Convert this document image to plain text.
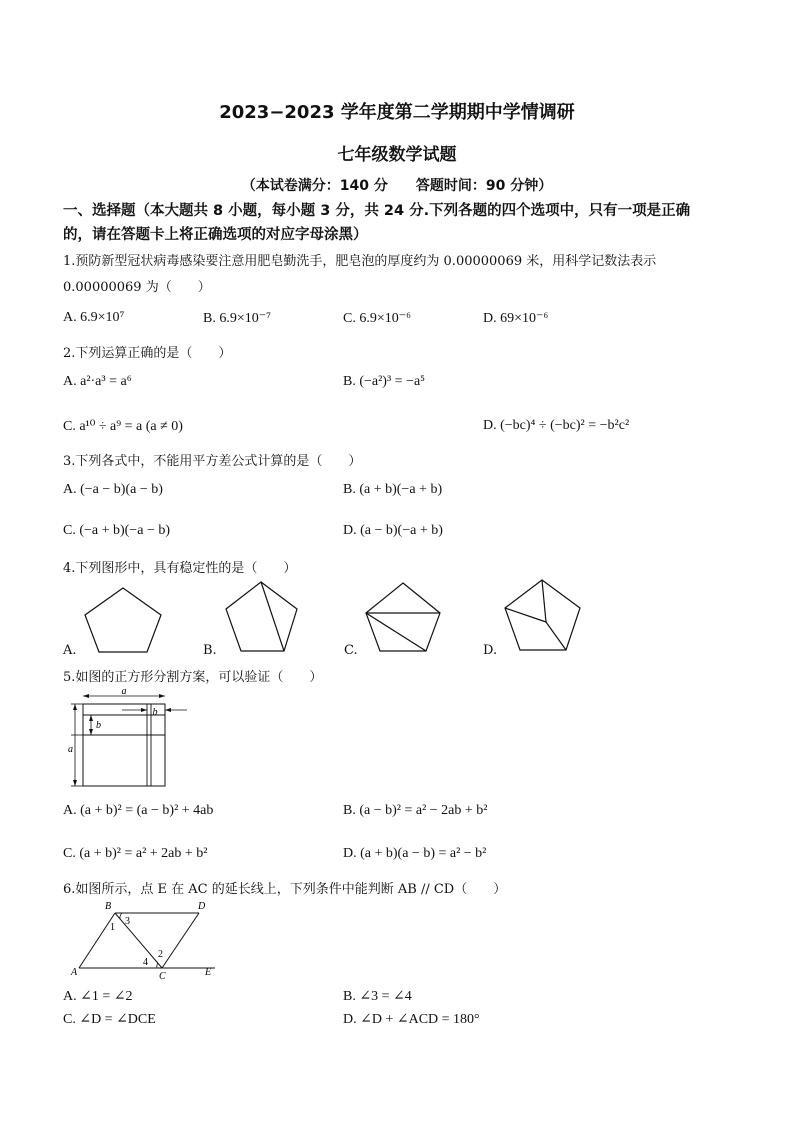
2023−2023 学年度第二学期期中学情调研
七年级数学试题
（本试卷满分：140 分　　答题时间：90 分钟）
一、选择题（本大题共 8 小题，每小题 3 分，共 24 分.下列各题的四个选项中，只有一项是正确
的，请在答题卡上将正确选项的对应字母涂黑）
1.预防新型冠状病毒感染要注意用肥皂勤洗手，肥皂泡的厚度约为 0.00000069 米，用科学记数法表示
0.00000069 为（　　）
A. 6.9×10⁷	B. 6.9×10⁻⁷	C. 6.9×10⁻⁶	D. 69×10⁻⁶
2.下列运算正确的是（　　）
A. a²·a³ = a⁶	B. (−a²)³ = −a⁵
C. a¹⁰ ÷ a⁹ = a (a ≠ 0)	D. (−bc)⁴ ÷ (−bc)² = −b²c²
3.下列各式中，不能用平方差公式计算的是（　　）
A. (−a − b)(a − b)	B. (a + b)(−a + b)
C. (−a + b)(−a − b)	D. (a − b)(−a + b)
4.下列图形中，具有稳定性的是（　　）
A.	B.	C.	D.
5.如图的正方形分割方案，可以验证（　　）
a
b
b
a
A. (a + b)² = (a − b)² + 4ab	B. (a − b)² = a² − 2ab + b²
C. (a + b)² = a² + 2ab + b²	D. (a + b)(a − b) = a² − b²
6.如图所示，点 E 在 AC 的延长线上，下列条件中能判断 AB // CD（　　）
B	D
A	C	E
1
3
2
4
A. ∠1 = ∠2	B. ∠3 = ∠4
C. ∠D = ∠DCE	D. ∠D + ∠ACD = 180°
